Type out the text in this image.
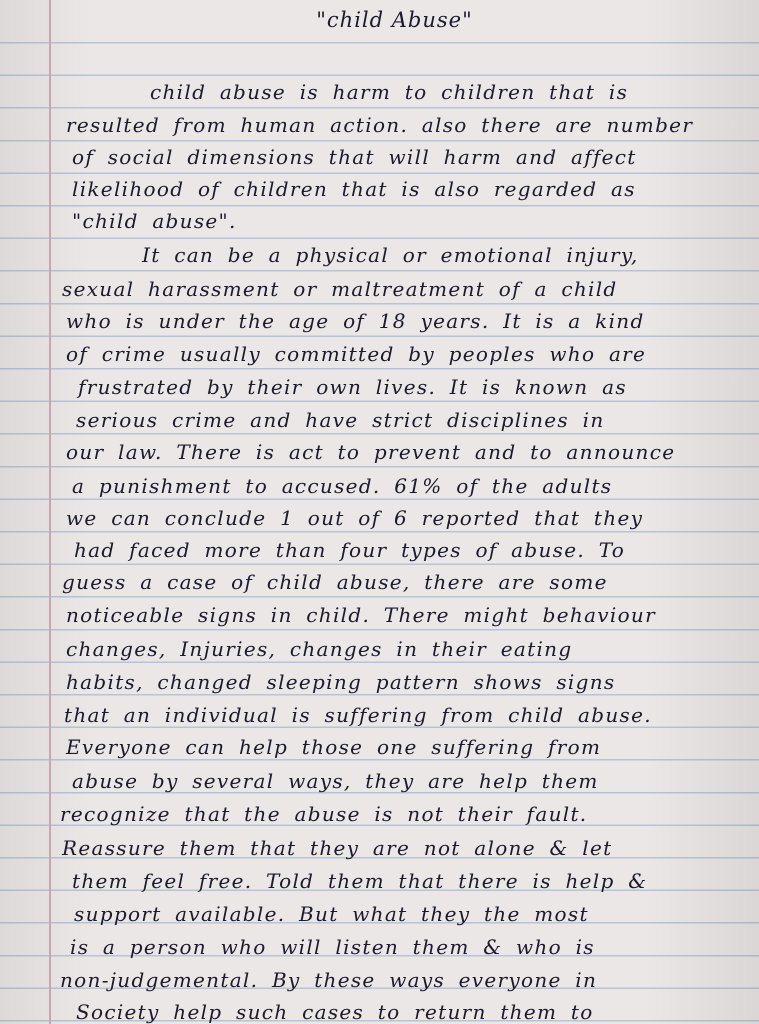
"child Abuse"
child abuse is harm to children that is
resulted from human action. also there are number
of social dimensions that will harm and affect
likelihood of children that is also regarded as
"child abuse".
It can be a physical or emotional injury,
sexual harassment or maltreatment of a child
who is under the age of 18 years. It is a kind
of crime usually committed by peoples who are
frustrated by their own lives. It is known as
serious crime and have strict disciplines in
our law. There is act to prevent and to announce
a punishment to accused. 61% of the adults
we can conclude 1 out of 6 reported that they
had faced more than four types of abuse. To
guess a case of child abuse, there are some
noticeable signs in child. There might behaviour
changes, Injuries, changes in their eating
habits, changed sleeping pattern shows signs
that an individual is suffering from child abuse.
Everyone can help those one suffering from
abuse by several ways, they are help them
recognize that the abuse is not their fault.
Reassure them that they are not alone & let
them feel free. Told them that there is help &
support available. But what they the most
is a person who will listen them & who is
non-judgemental. By these ways everyone in
Society help such cases to return them to
